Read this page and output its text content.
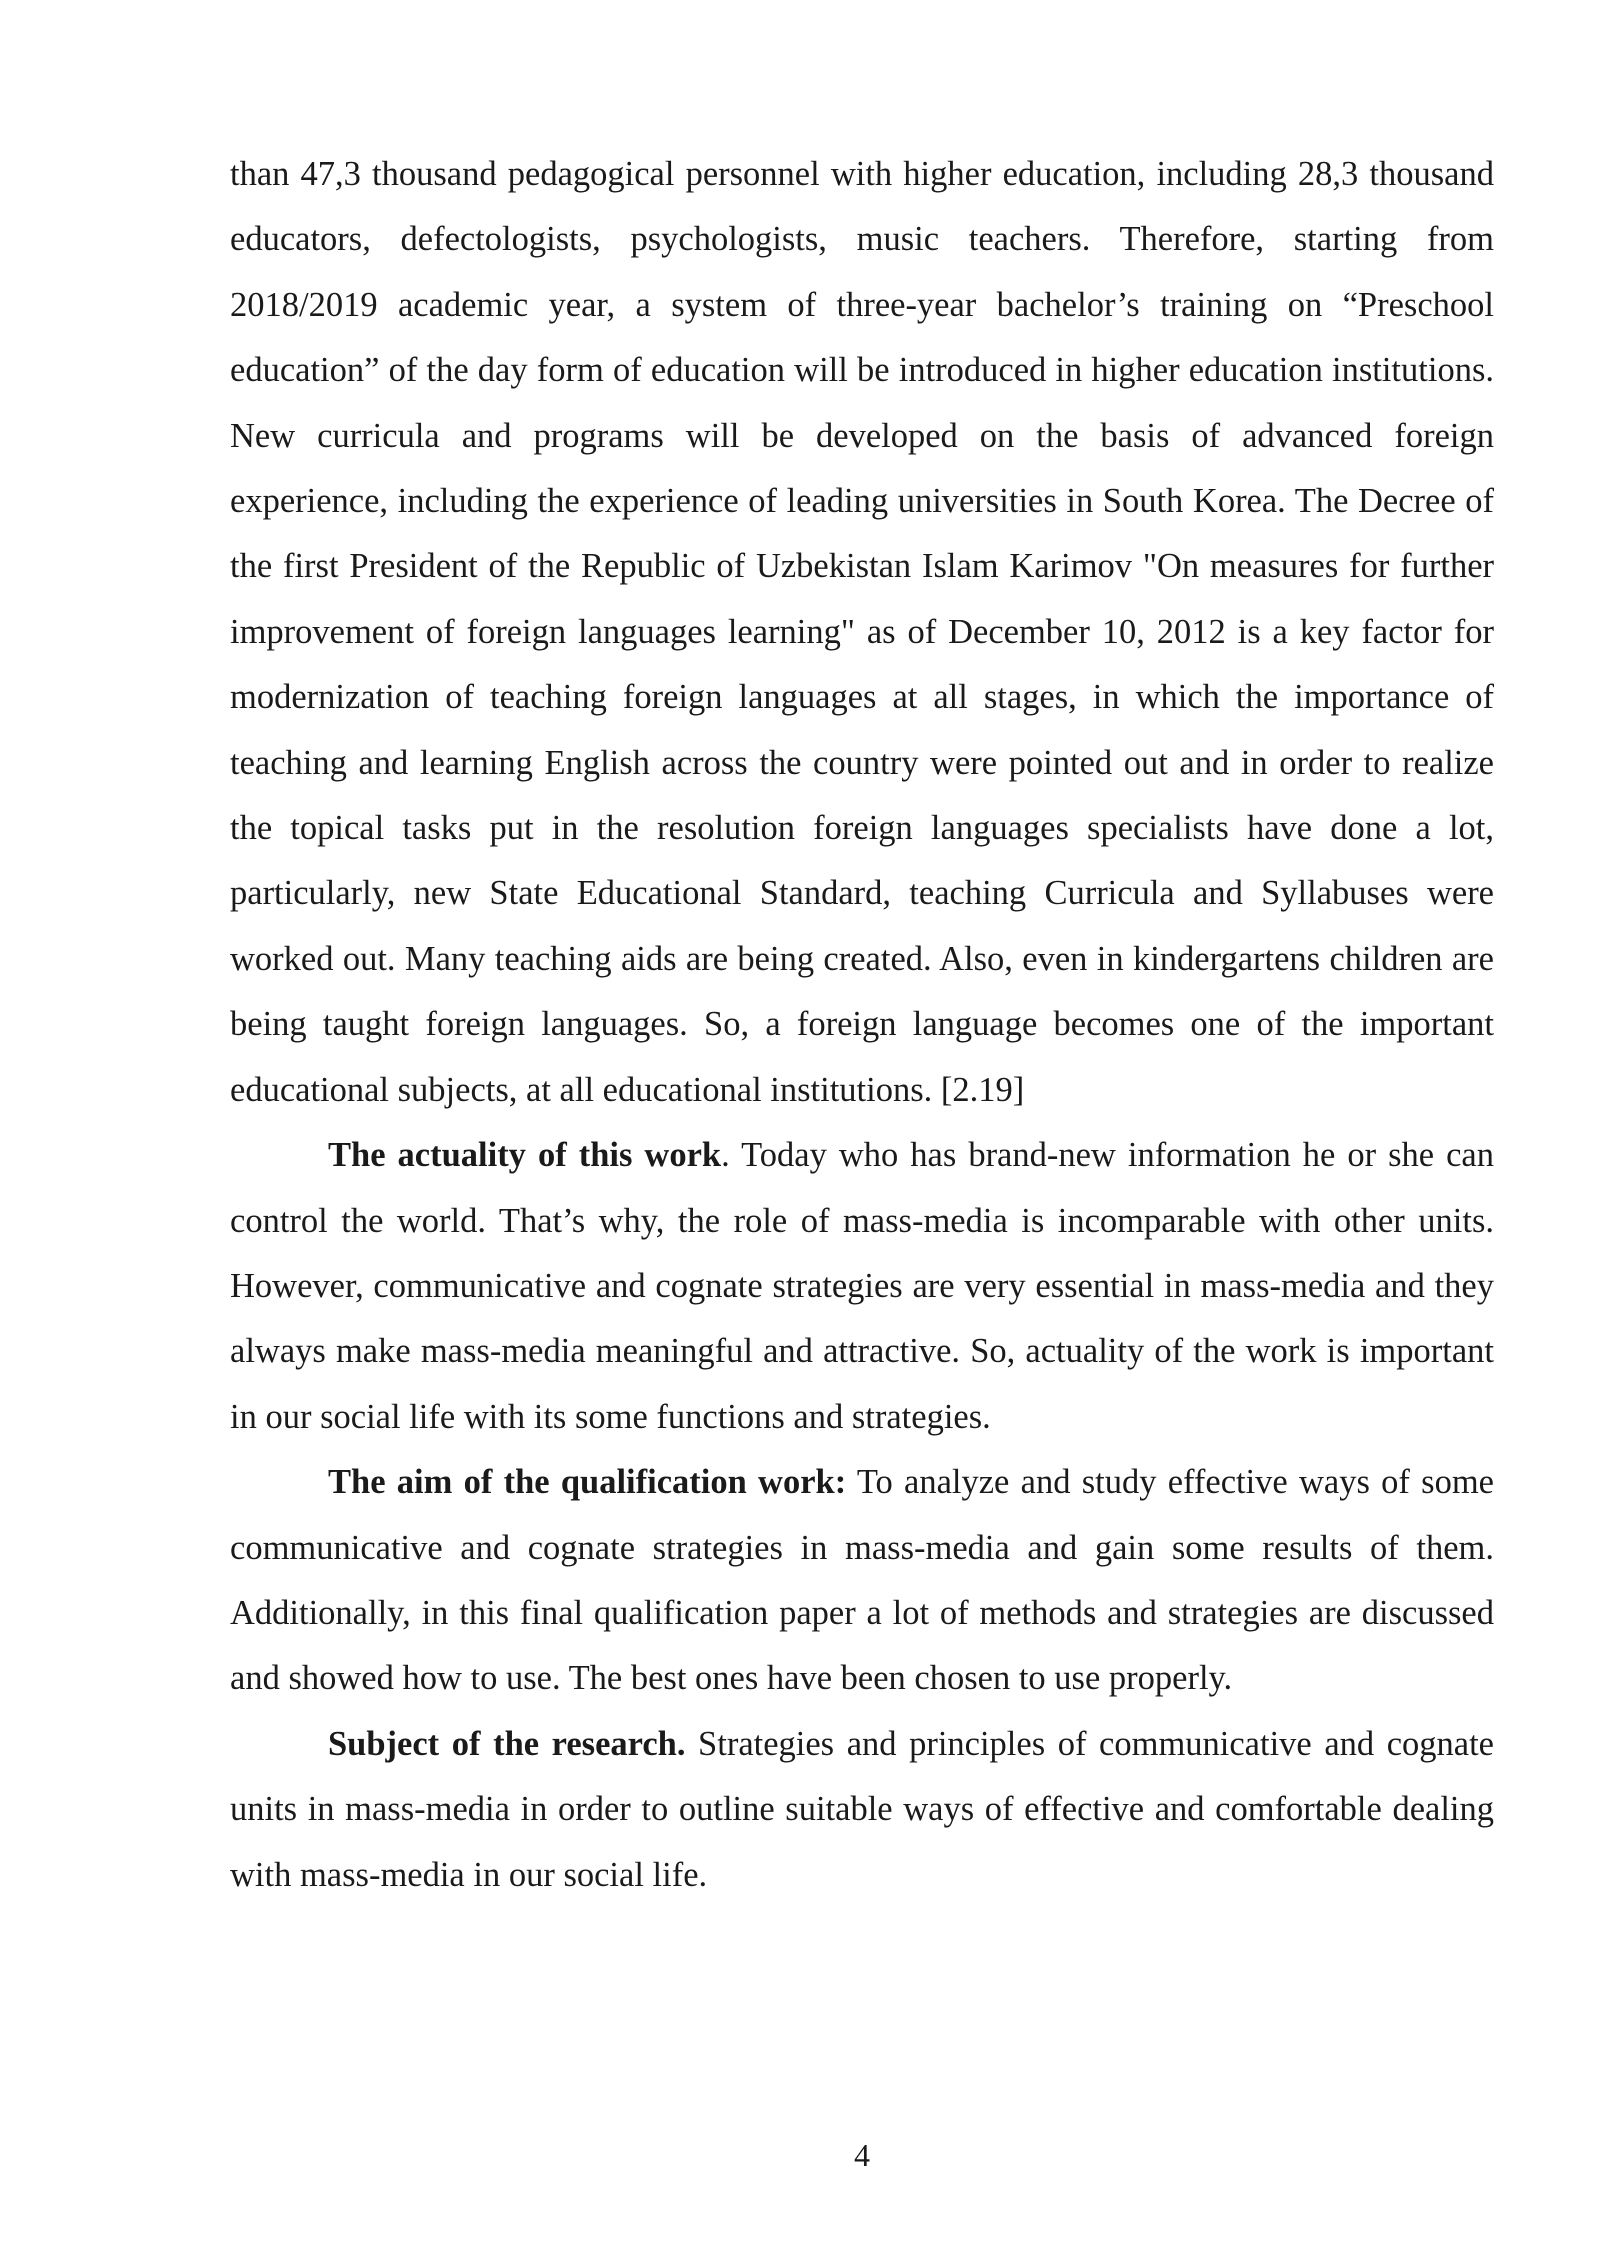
than 47,3 thousand pedagogical personnel with higher education, including 28,3 thousand educators, defectologists, psychologists, music teachers. Therefore, starting from 2018/2019 academic year, a system of three-year bachelor’s training on “Preschool education” of the day form of education will be introduced in higher education institutions. New curricula and programs will be developed on the basis of advanced foreign experience, including the experience of leading universities in South Korea. The Decree of the first President of the Republic of Uzbekistan Islam Karimov "On measures for further improvement of foreign languages learning" as of December 10, 2012 is a key factor for modernization of teaching foreign languages at all stages, in which the importance of teaching and learning English across the country were pointed out and in order to realize the topical tasks put in the resolution foreign languages specialists have done a lot, particularly, new State Educational Standard, teaching Curricula and Syllabuses were worked out. Many teaching aids are being created. Also, even in kindergartens children are being taught foreign languages. So, a foreign language becomes one of the important educational subjects, at all educational institutions. [2.19]

The actuality of this work. Today who has brand-new information he or she can control the world. That’s why, the role of mass-media is incomparable with other units. However, communicative and cognate strategies are very essential in mass-media and they always make mass-media meaningful and attractive. So, actuality of the work is important in our social life with its some functions and strategies.

The aim of the qualification work: To analyze and study effective ways of some communicative and cognate strategies in mass-media and gain some results of them. Additionally, in this final qualification paper a lot of methods and strategies are discussed and showed how to use. The best ones have been chosen to use properly.

Subject of the research. Strategies and principles of communicative and cognate units in mass-media in order to outline suitable ways of effective and comfortable dealing with mass-media in our social life.

4
